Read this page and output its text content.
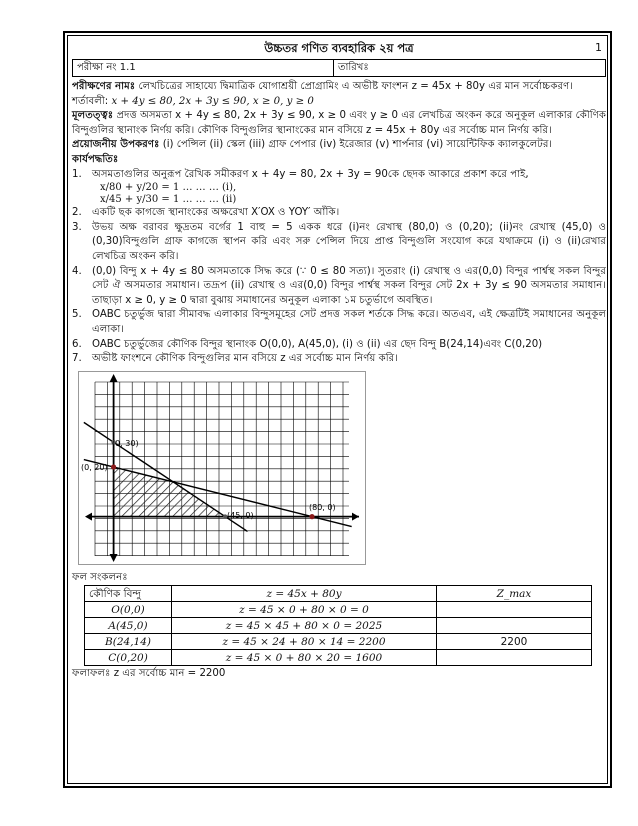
উচ্চতর গণিত ব্যবহারিক ২য় পত্র	1
পরীক্ষা নং 1.1	তারিখঃ

পরীক্ষণের নামঃ লেখচিত্রের সাহায্যে দ্বিমাত্রিক যোগাশ্রয়ী প্রোগ্রামিং এ অভীষ্ট ফাংশন z = 45x + 80y এর মান সর্বোচ্চকরণ।

শর্তাবলী: x + 4y ≤ 80, 2x + 3y ≤ 90, x ≥ 0, y ≥ 0

মূলতত্ত্বঃ প্রদত্ত অসমতা x + 4y ≤ 80, 2x + 3y ≤ 90, x ≥ 0 এবং y ≥ 0 এর লেখচিত্র অংকন করে অনুকূল এলাকার কৌণিক বিন্দুগুলির স্থানাংক নির্ণয় করি। কৌণিক বিন্দুগুলির স্থানাংকের মান বসিয়ে z = 45x + 80y এর সর্বোচ্চ মান নির্ণয় করি।

প্রয়োজনীয় উপকরণঃ (i) পেন্সিল (ii) স্কেল (iii) গ্রাফ পেপার (iv) ইরেজার (v) শার্পনার (vi) সায়েন্টিফিক ক্যালকুলেটর।

কার্যপদ্ধতিঃ

1. অসমতাগুলির অনুরূপ রৈখিক সমীকরণ x + 4y = 80, 2x + 3y = 90কে ছেদক আকারে প্রকাশ করে পাই,
x/80 + y/20 = 1 … … … (i),
x/45 + y/30 = 1 … … … (ii)
2. একটি ছক কাগজে স্থানাংকের অক্ষরেখা X′OX ও YOY′ আঁকি।
3. উভয় অক্ষ বরাবর ক্ষুদ্রতম বর্গের 1 বাহু = 5 একক ধরে (i)নং রেখাস্থ (80,0) ও (0,20); (ii)নং রেখাস্থ (45,0) ও (0,30)বিন্দুগুলি গ্রাফ কাগজে স্থাপন করি এবং সরু পেন্সিল দিয়ে প্রাপ্ত বিন্দুগুলি সংযোগ করে যথাক্রমে (i) ও (ii)রেখার লেখচিত্র অংকন করি।
4. (0,0) বিন্দু x + 4y ≤ 80 অসমতাকে সিদ্ধ করে (∵ 0 ≤ 80 সত্য)। সুতরাং (i) রেখাস্থ ও এর(0,0) বিন্দুর পার্শ্বস্থ সকল বিন্দুর সেট ঐ অসমতার সমাধান। তদ্রূপ (ii) রেখাস্থ ও এর(0,0) বিন্দুর পার্শ্বস্থ সকল বিন্দুর সেট 2x + 3y ≤ 90 অসমতার সমাধান। তাছাড়া x ≥ 0, y ≥ 0 দ্বারা বুঝায় সমাধানের অনুকূল এলাকা ১ম চতুর্ভাগে অবস্থিত।
5. OABC চতুর্ভুজ দ্বারা সীমাবদ্ধ এলাকার বিন্দুসমূহের সেট প্রদত্ত সকল শর্তকে সিদ্ধ করে। অতএব, এই ক্ষেত্রটিই সমাধানের অনুকূল এলাকা।
6. OABC চতুর্ভুজের কৌণিক বিন্দুর স্থানাংক O(0,0), A(45,0), (i) ও (ii) এর ছেদ বিন্দু B(24,14)এবং C(0,20)
7. অভীষ্ট ফাংশনে কৌণিক বিন্দুগুলির মান বসিয়ে z এর সর্বোচ্চ মান নির্ণয় করি।
(0, 30)
(0, 20)
(45, 0)
(80, 0)
ফল সংকলনঃ
কৌণিক বিন্দু	z = 45x + 80y	Z_max
O(0,0)	z = 45 × 0 + 80 × 0 = 0	
A(45,0)	z = 45 × 45 + 80 × 0 = 2025	
B(24,14)	z = 45 × 24 + 80 × 14 = 2200	2200
C(0,20)	z = 45 × 0 + 80 × 20 = 1600	
ফলাফলঃ z এর সর্বোচ্চ মান = 2200
